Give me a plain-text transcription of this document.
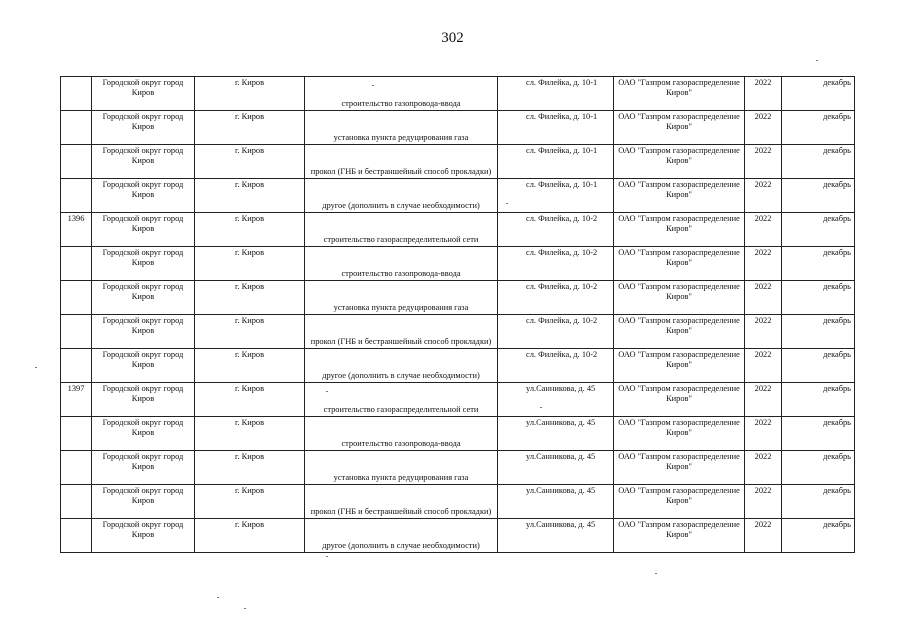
302

	Городской округ город Киров	г. Киров	строительство газопровода-ввода	сл. Филейка, д. 10-1	ОАО "Газпром газораспределение Киров"	2022	декабрь

	Городской округ город Киров	г. Киров	установка пункта редуцирования газа	сл. Филейка, д. 10-1	ОАО "Газпром газораспределение Киров"	2022	декабрь

	Городской округ город Киров	г. Киров	прокол (ГНБ и бестраншейный способ прокладки)	сл. Филейка, д. 10-1	ОАО "Газпром газораспределение Киров"	2022	декабрь

	Городской округ город Киров	г. Киров	другое (дополнить в случае необходимости)	сл. Филейка, д. 10-1	ОАО "Газпром газораспределение Киров"	2022	декабрь

1396	Городской округ город Киров	г. Киров	строительство газораспределительной сети	сл. Филейка, д. 10-2	ОАО "Газпром газораспределение Киров"	2022	декабрь

	Городской округ город Киров	г. Киров	строительство газопровода-ввода	сл. Филейка, д. 10-2	ОАО "Газпром газораспределение Киров"	2022	декабрь

	Городской округ город Киров	г. Киров	установка пункта редуцирования газа	сл. Филейка, д. 10-2	ОАО "Газпром газораспределение Киров"	2022	декабрь

	Городской округ город Киров	г. Киров	прокол (ГНБ и бестраншейный способ прокладки)	сл. Филейка, д. 10-2	ОАО "Газпром газораспределение Киров"	2022	декабрь

	Городской округ город Киров	г. Киров	другое (дополнить в случае необходимости)	сл. Филейка, д. 10-2	ОАО "Газпром газораспределение Киров"	2022	декабрь

1397	Городской округ город Киров	г. Киров	строительство газораспределительной сети	ул.Санникова, д. 45	ОАО "Газпром газораспределение Киров"	2022	декабрь

	Городской округ город Киров	г. Киров	строительство газопровода-ввода	ул.Санникова, д. 45	ОАО "Газпром газораспределение Киров"	2022	декабрь

	Городской округ город Киров	г. Киров	установка пункта редуцирования газа	ул.Санникова, д. 45	ОАО "Газпром газораспределение Киров"	2022	декабрь

	Городской округ город Киров	г. Киров	прокол (ГНБ и бестраншейный способ прокладки)	ул.Санникова, д. 45	ОАО "Газпром газораспределение Киров"	2022	декабрь

	Городской округ город Киров	г. Киров	другое (дополнить в случае необходимости)	ул.Санникова, д. 45	ОАО "Газпром газораспределение Киров"	2022	декабрь
